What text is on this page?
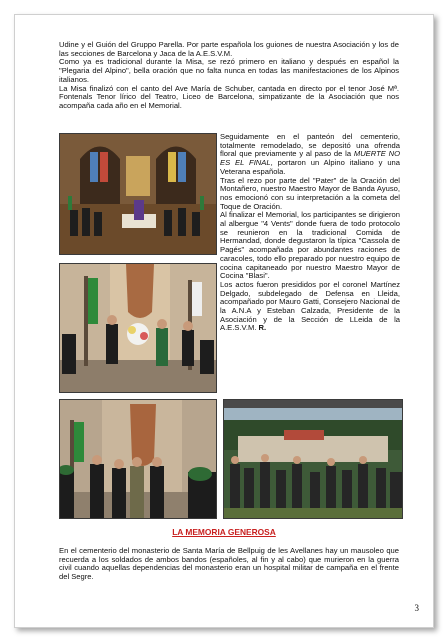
Udine y el Guión del Gruppo Parella. Por parte española los guiones de nuestra Asociación y los de las secciones de Barcelona y Jaca de la A.E.S.V.M.

Como ya es tradicional durante la Misa, se rezó primero en italiano y después en español la "Plegaria del Alpino", bella oración que no falta nunca en todas las manifestaciones de los Alpinos italianos.

La Misa finalizó con el canto del Ave María de Schuber, cantada en directo por el tenor José Mª. Fontenals Tenor lírico del Teatro, Liceo de Barcelona, simpatizante de la Asociación que nos acompaña cada año en el Memorial.

Seguidamente en el panteón del cementerio, totalmente remodelado, se depositó una ofrenda floral que previamente y al paso de la MUERTE NO ES EL FINAL, portaron un Alpino italiano y una Veterana española.

Tras el rezo por parte del "Pater" de la Oración del Montañero, nuestro Maestro Mayor de Banda Ayuso, nos emocionó con su interpretación a la cometa del Toque de Oración.

Al finalizar el Memorial, los participantes se dirigieron al albergue "4 Vents" donde fuera de todo protocolo se reunieron en la tradicional Comida de Hermandad, donde degustaron la típica "Cassola de Pagés" acompañada por abundantes raciones de caracoles, todo ello preparado por nuestro equipo de cocina capitaneado por nuestro Maestro Mayor de Cocina "Blasi".

Los actos fueron presididos por el coronel Martínez Delgado, subdelegado de Defensa en Lleida, acompañado por Mauro Gatti, Consejero Nacional de la A.N.A y Esteban Calzada, Presidente de la Asociación y de la Sección de LLeida de la A.E.S.V.M. R.

LA MEMORIA GENEROSA
En el cementerio del monasterio de Santa María de Bellpuig de les Avellanes hay un mausoleo que recuerda a los soldados de ambos bandos (españoles, al fin y al cabo) que murieron en la guerra civil cuando aquellas dependencias del monasterio eran un hospital militar de campaña en el frente del Segre.
3
